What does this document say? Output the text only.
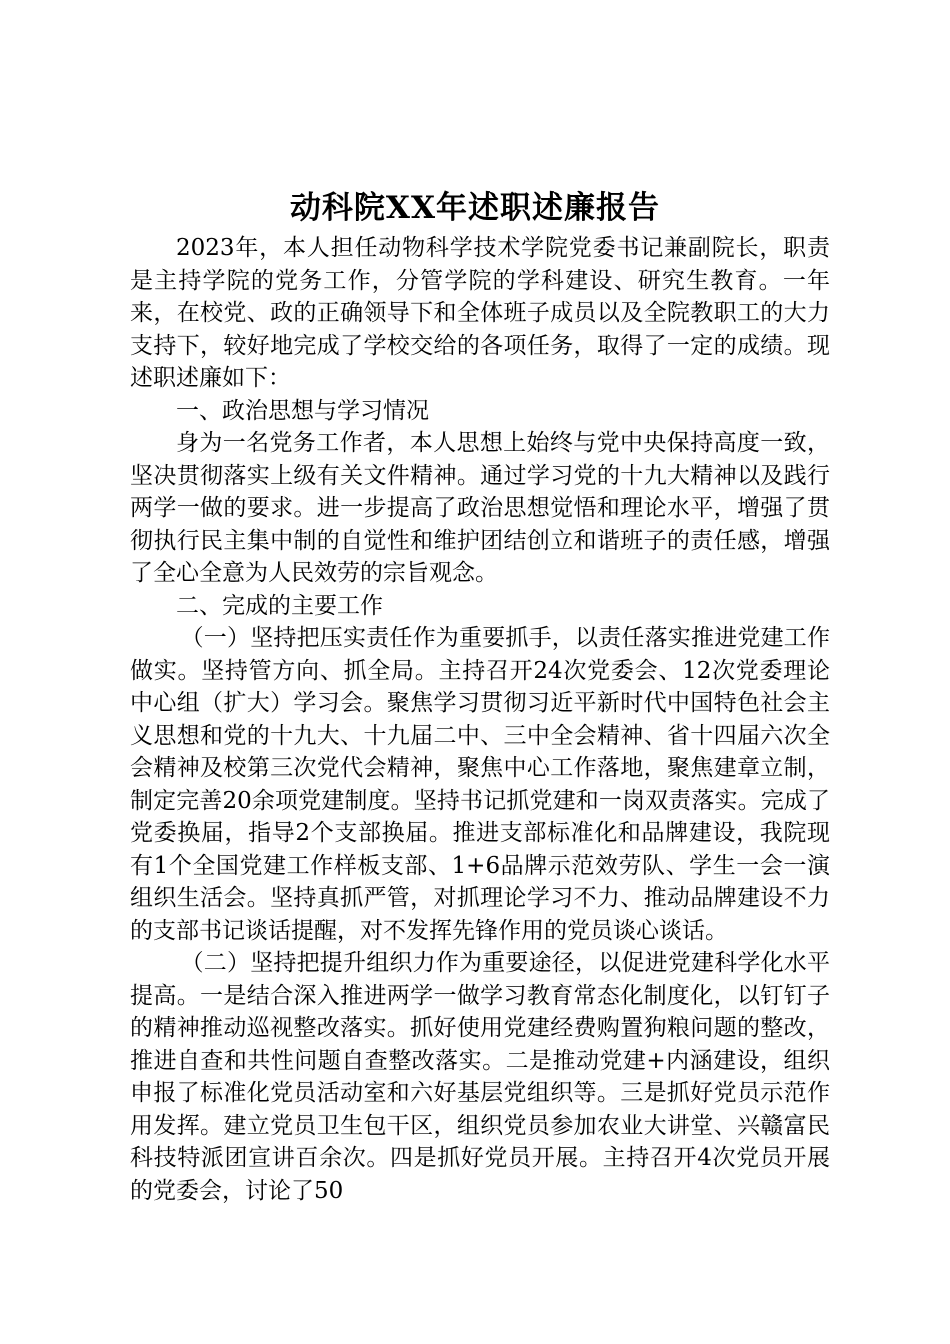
动科院XX年述职述廉报告

2023年，本人担任动物科学技术学院党委书记兼副院长，职责是主持学院的党务工作，分管学院的学科建设、研究生教育。一年来，在校党、政的正确领导下和全体班子成员以及全院教职工的大力支持下，较好地完成了学校交给的各项任务，取得了一定的成绩。现述职述廉如下：

一、政治思想与学习情况

身为一名党务工作者，本人思想上始终与党中央保持高度一致，坚决贯彻落实上级有关文件精神。通过学习党的十九大精神以及践行两学一做的要求。进一步提高了政治思想觉悟和理论水平，增强了贯彻执行民主集中制的自觉性和维护团结创立和谐班子的责任感，增强了全心全意为人民效劳的宗旨观念。

二、完成的主要工作

（一）坚持把压实责任作为重要抓手，以责任落实推进党建工作做实。坚持管方向、抓全局。主持召开24次党委会、12次党委理论中心组（扩大）学习会。聚焦学习贯彻习近平新时代中国特色社会主义思想和党的十九大、十九届二中、三中全会精神、省十四届六次全会精神及校第三次党代会精神，聚焦中心工作落地，聚焦建章立制，制定完善20余项党建制度。坚持书记抓党建和一岗双责落实。完成了党委换届，指导2个支部换届。推进支部标准化和品牌建设，我院现有1个全国党建工作样板支部、1+6品牌示范效劳队、学生一会一演组织生活会。坚持真抓严管，对抓理论学习不力、推动品牌建设不力的支部书记谈话提醒，对不发挥先锋作用的党员谈心谈话。

（二）坚持把提升组织力作为重要途径，以促进党建科学化水平提高。一是结合深入推进两学一做学习教育常态化制度化，以钉钉子的精神推动巡视整改落实。抓好使用党建经费购置狗粮问题的整改，推进自查和共性问题自查整改落实。二是推动党建+内涵建设，组织申报了标准化党员活动室和六好基层党组织等。三是抓好党员示范作用发挥。建立党员卫生包干区，组织党员参加农业大讲堂、兴赣富民科技特派团宣讲百余次。四是抓好党员开展。主持召开4次党员开展的党委会，讨论了50
